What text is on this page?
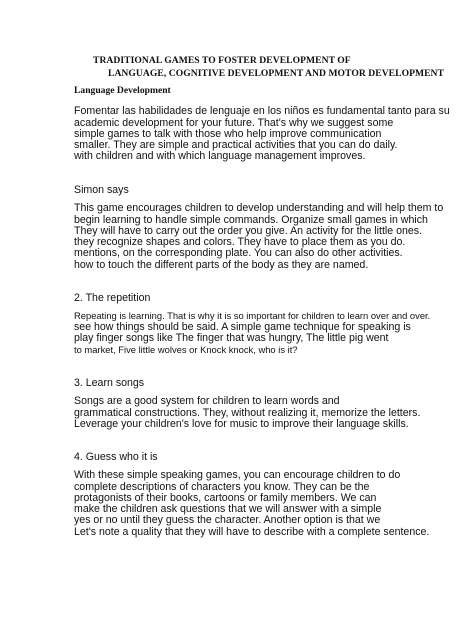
TRADITIONAL GAMES TO FOSTER DEVELOPMENT OF
LANGUAGE, COGNITIVE DEVELOPMENT AND MOTOR DEVELOPMENT
Language Development
Fomentar las habilidades de lenguaje en los niños es fundamental tanto para su
academic development for your future. That's why we suggest some
simple games to talk with those who help improve communication
smaller. They are simple and practical activities that you can do daily.
with children and with which language management improves.
Simon says
This game encourages children to develop understanding and will help them to
begin learning to handle simple commands. Organize small games in which
They will have to carry out the order you give. An activity for the little ones.
they recognize shapes and colors. They have to place them as you do.
mentions, on the corresponding plate. You can also do other activities.
how to touch the different parts of the body as they are named.
2. The repetition
Repeating is learning. That is why it is so important for children to learn over and over.
see how things should be said. A simple game technique for speaking is
play finger songs like The finger that was hungry, The little pig went
to market, Five little wolves or Knock knock, who is it?
3. Learn songs
Songs are a good system for children to learn words and
grammatical constructions. They, without realizing it, memorize the letters.
Leverage your children's love for music to improve their language skills.
4. Guess who it is
With these simple speaking games, you can encourage children to do
complete descriptions of characters you know. They can be the
protagonists of their books, cartoons or family members. We can
make the children ask questions that we will answer with a simple
yes or no until they guess the character. Another option is that we
Let's note a quality that they will have to describe with a complete sentence.
